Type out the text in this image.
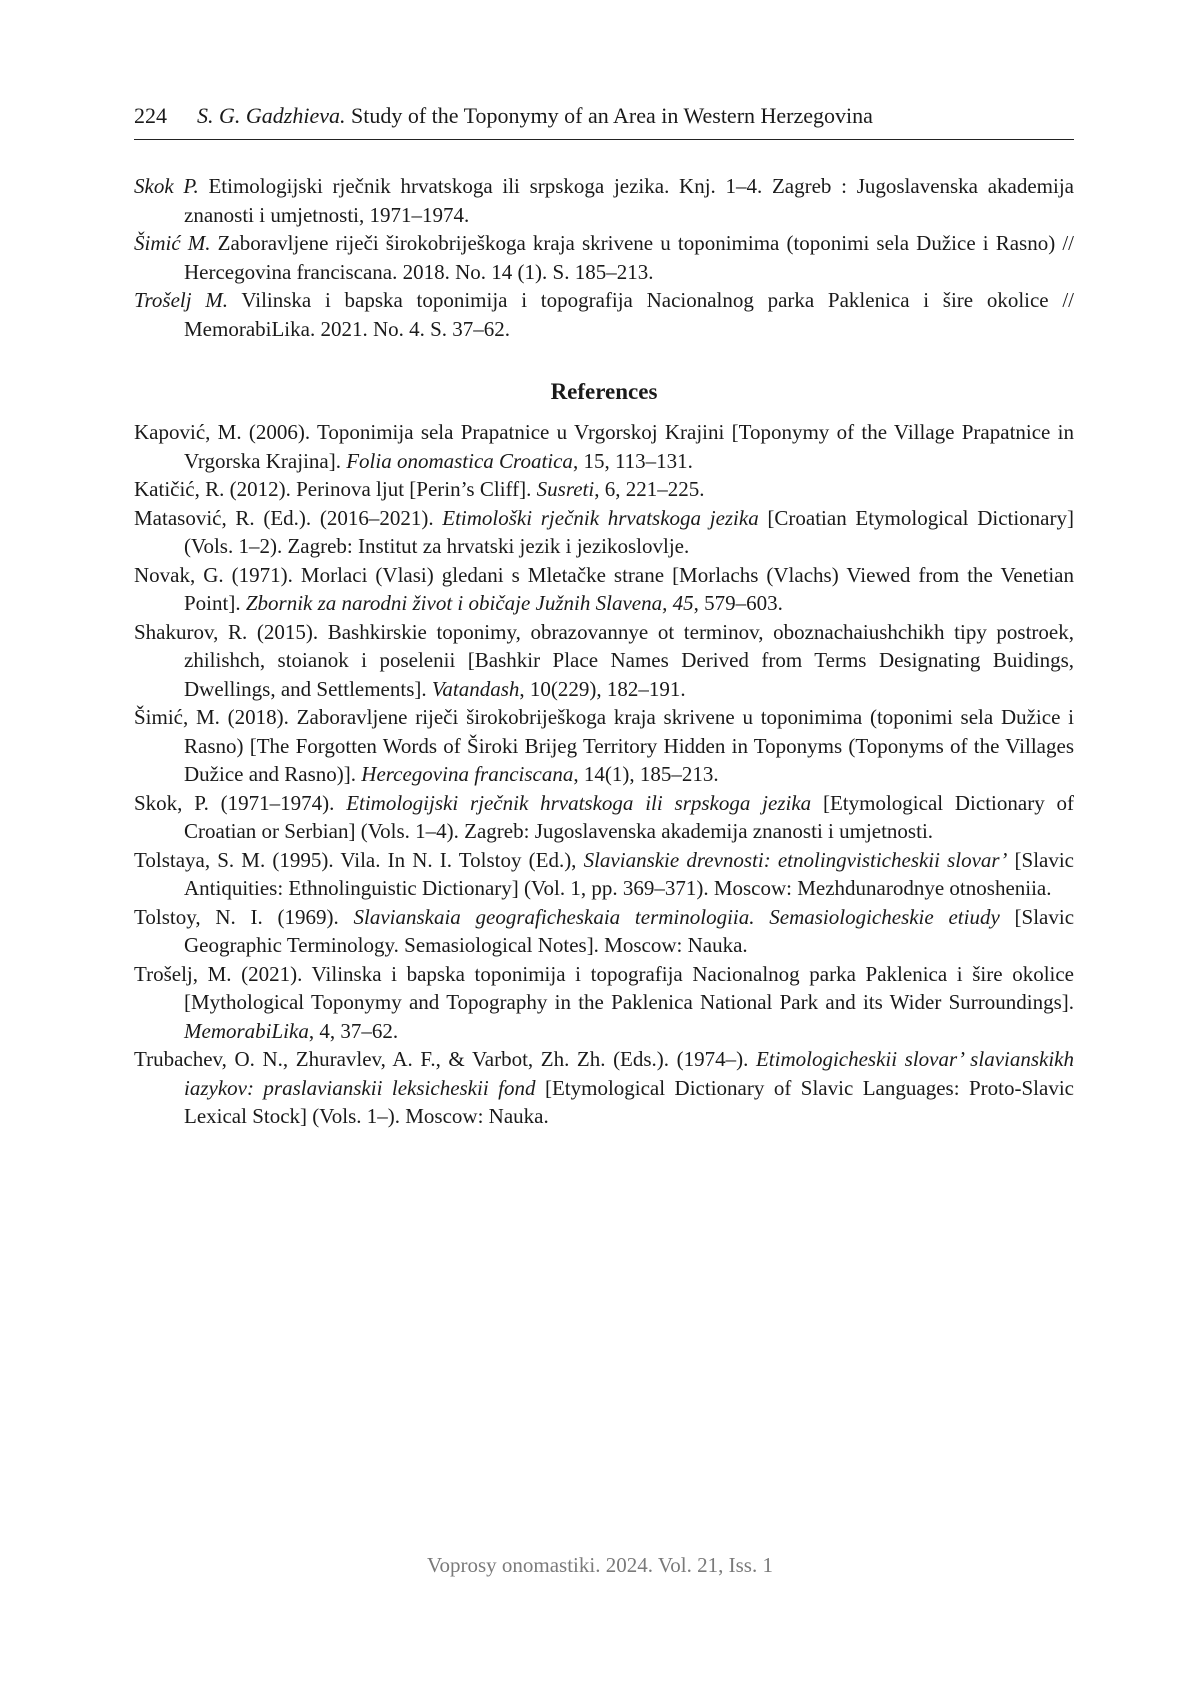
224 S. G. Gadzhieva. Study of the Toponymy of an Area in Western Herzegovina

Skok P. Etimologijski rječnik hrvatskoga ili srpskoga jezika. Knj. 1–4. Zagreb : Jugoslavenska akademija znanosti i umjetnosti, 1971–1974.

Šimić M. Zaboravljene riječi širokobriješkoga kraja skrivene u toponimima (toponimi sela Dužice i Rasno) // Hercegovina franciscana. 2018. No. 14 (1). S. 185–213.

Trošelj M. Vilinska i bapska toponimija i topografija Nacionalnog parka Paklenica i šire okolice // MemorabiLika. 2021. No. 4. S. 37–62.

References

Kapović, M. (2006). Toponimija sela Prapatnice u Vrgorskoj Krajini [Toponymy of the Village Prapatnice in Vrgorska Krajina]. Folia onomastica Croatica, 15, 113–131.

Katičić, R. (2012). Perinova ljut [Perin’s Cliff]. Susreti, 6, 221–225.

Matasović, R. (Ed.). (2016–2021). Etimološki rječnik hrvatskoga jezika [Croatian Etymological Dictionary] (Vols. 1–2). Zagreb: Institut za hrvatski jezik i jezikoslovlje.

Novak, G. (1971). Morlaci (Vlasi) gledani s Mletačke strane [Morlachs (Vlachs) Viewed from the Venetian Point]. Zbornik za narodni život i običaje Južnih Slavena, 45, 579–603.

Shakurov, R. (2015). Bashkirskie toponimy, obrazovannye ot terminov, oboznachaiushchikh tipy postroek, zhilishch, stoianok i poselenii [Bashkir Place Names Derived from Terms Designating Buidings, Dwellings, and Settlements]. Vatandash, 10(229), 182–191.

Šimić, M. (2018). Zaboravljene riječi širokobriješkoga kraja skrivene u toponimima (toponimi sela Dužice i Rasno) [The Forgotten Words of Široki Brijeg Territory Hidden in Toponyms (Toponyms of the Villages Dužice and Rasno)]. Hercegovina franciscana, 14(1), 185–213.

Skok, P. (1971–1974). Etimologijski rječnik hrvatskoga ili srpskoga jezika [Etymological Dictionary of Croatian or Serbian] (Vols. 1–4). Zagreb: Jugoslavenska akademija znanosti i umjetnosti.

Tolstaya, S. M. (1995). Vila. In N. I. Tolstoy (Ed.), Slavianskie drevnosti: etnolingvisticheskii slovar’ [Slavic Antiquities: Ethnolinguistic Dictionary] (Vol. 1, pp. 369–371). Moscow: Mezhdunarodnye otnosheniia.

Tolstoy, N. I. (1969). Slavianskaia geograficheskaia terminologiia. Semasiologicheskie etiudy [Slavic Geographic Terminology. Semasiological Notes]. Moscow: Nauka.

Trošelj, M. (2021). Vilinska i bapska toponimija i topografija Nacionalnog parka Paklenica i šire okolice [Mythological Toponymy and Topography in the Paklenica National Park and its Wider Surroundings]. MemorabiLika, 4, 37–62.

Trubachev, O. N., Zhuravlev, A. F., & Varbot, Zh. Zh. (Eds.). (1974–). Etimologicheskii slovar’ slavianskikh iazykov: praslavianskii leksicheskii fond [Etymological Dictionary of Slavic Languages: Proto-Slavic Lexical Stock] (Vols. 1–). Moscow: Nauka.

Voprosy onomastiki. 2024. Vol. 21, Iss. 1
